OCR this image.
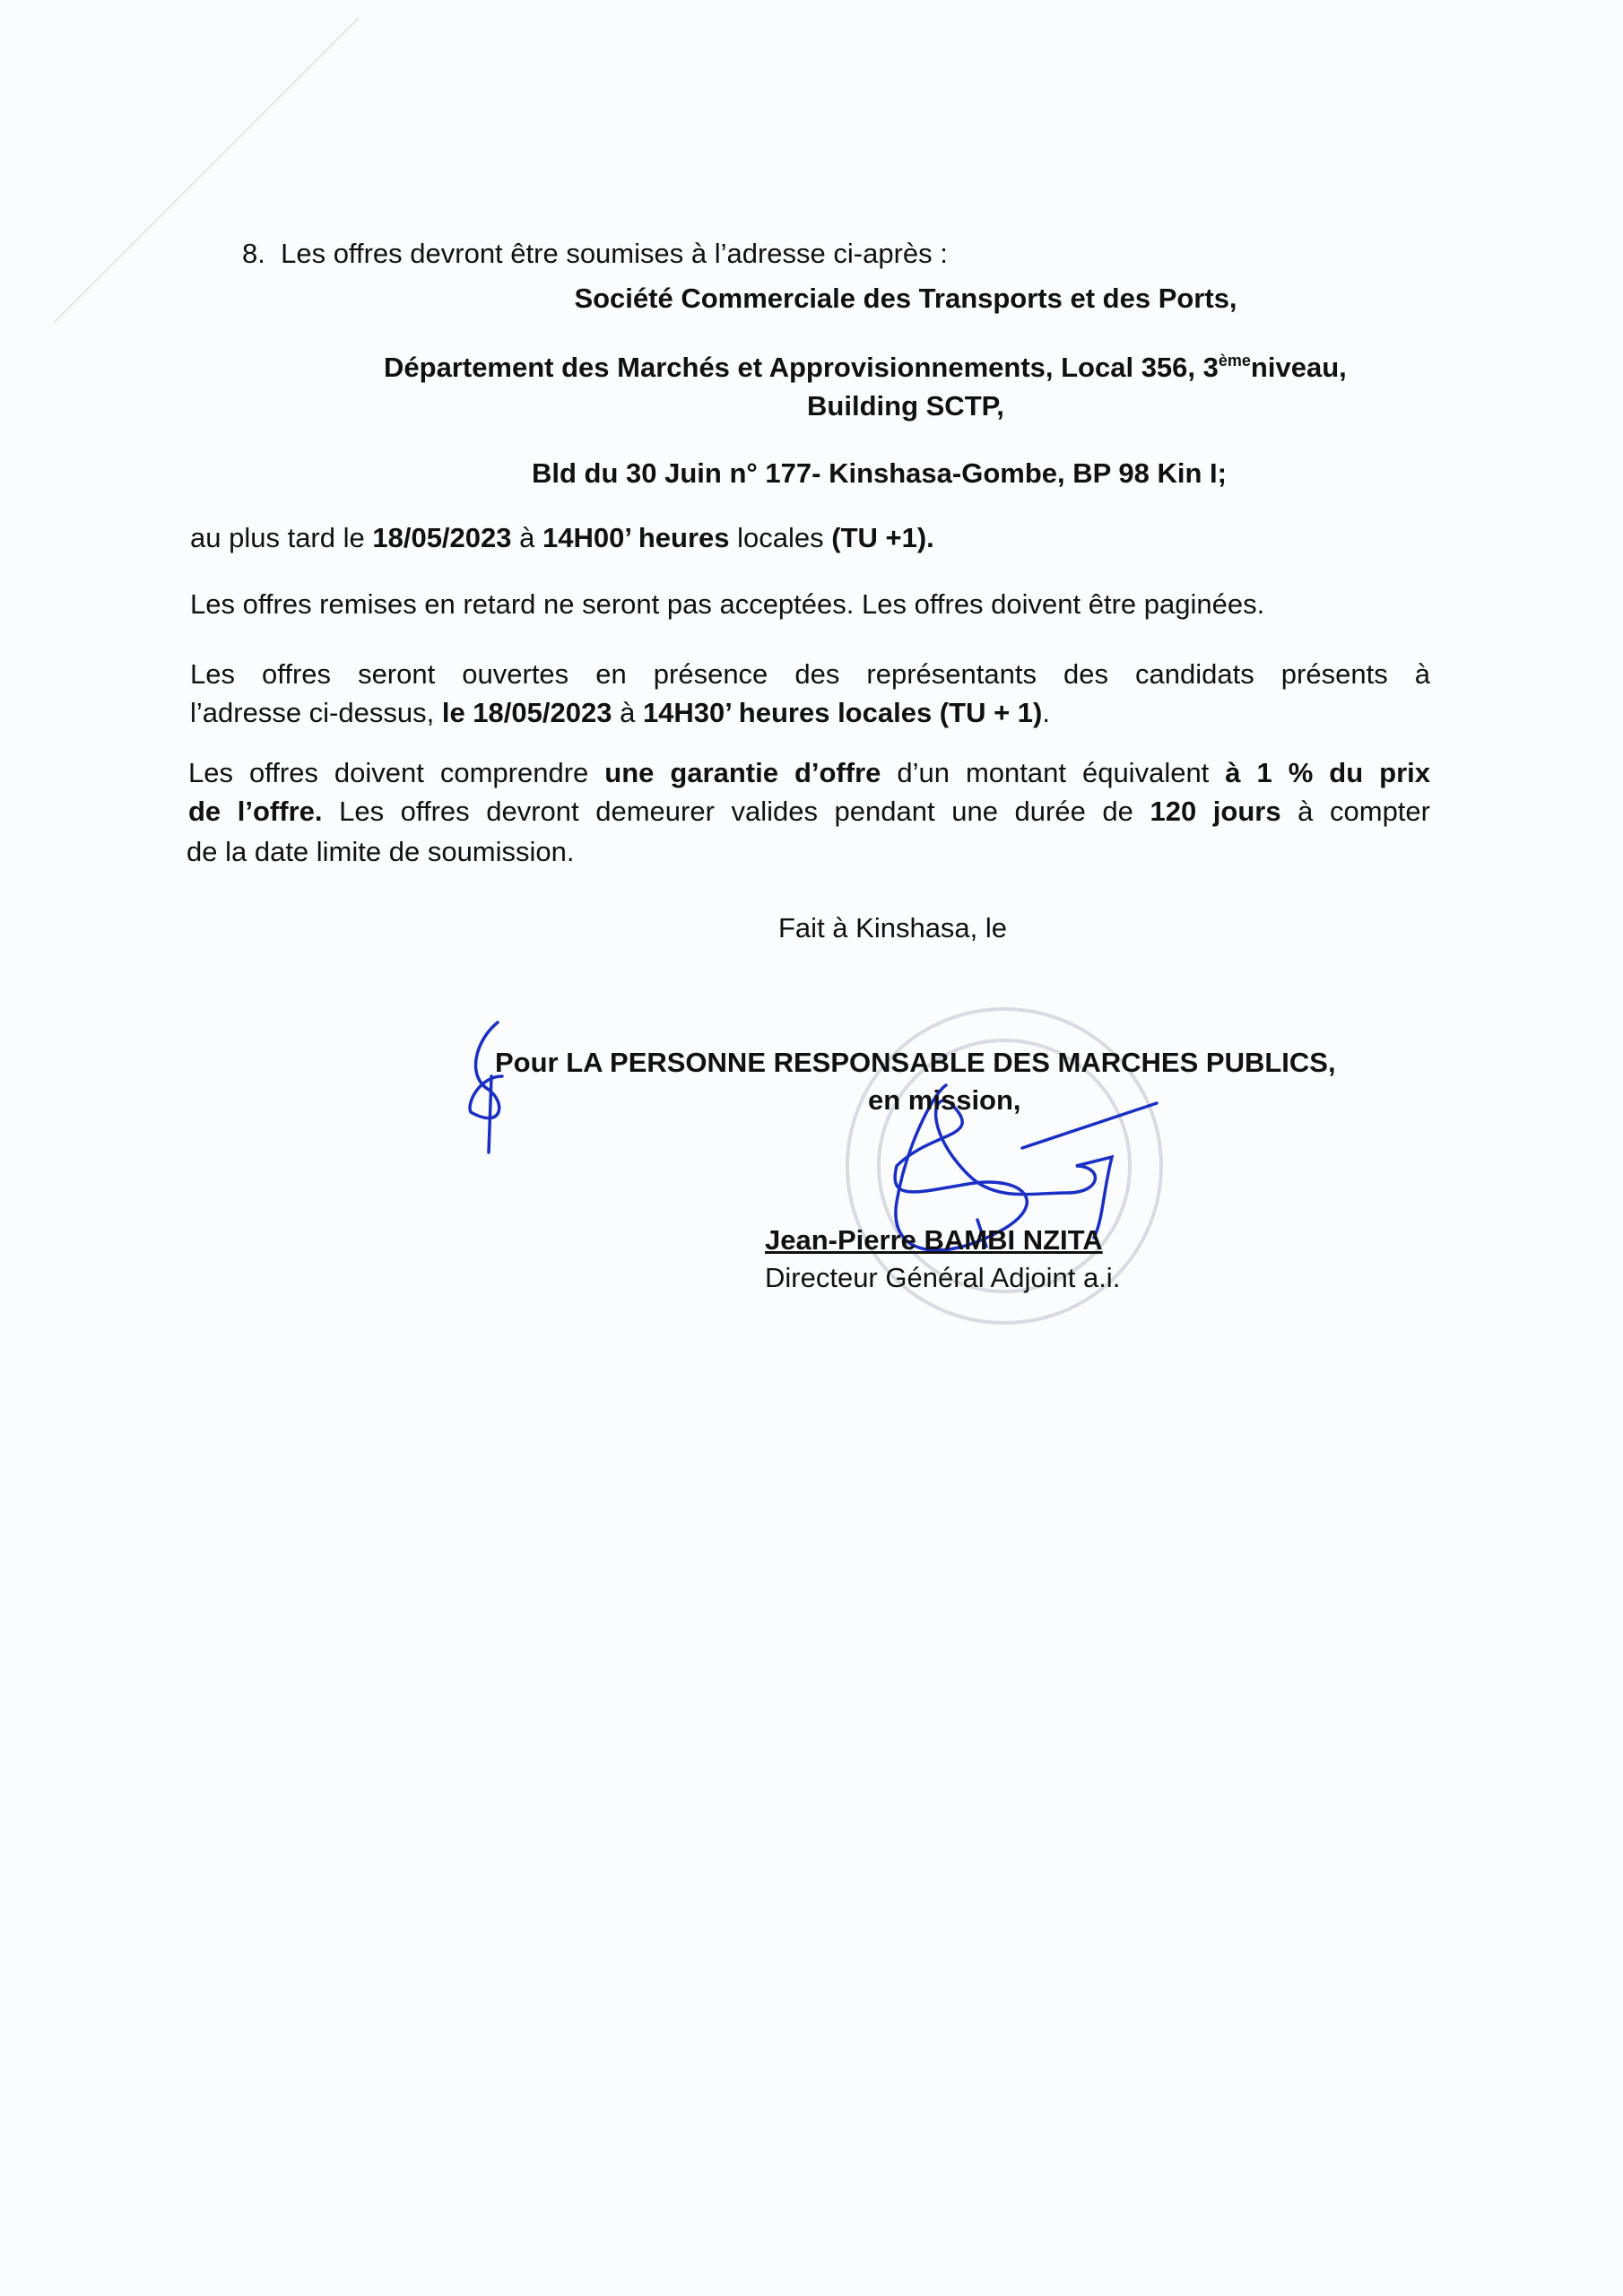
8. Les offres devront être soumises à l’adresse ci-après :
Société Commerciale des Transports et des Ports,
Département des Marchés et Approvisionnements, Local 356, 3èmeniveau,
Building SCTP,
Bld du 30 Juin n° 177- Kinshasa-Gombe, BP 98 Kin I;
au plus tard le 18/05/2023 à 14H00’ heures locales (TU +1).
Les offres remises en retard ne seront pas acceptées. Les offres doivent être paginées.
Les offres seront ouvertes en présence des représentants des candidats présents à
l’adresse ci-dessus, le 18/05/2023 à 14H30’ heures locales (TU + 1).
Les offres doivent comprendre une garantie d’offre d’un montant équivalent à 1 % du prix
de l’offre. Les offres devront demeurer valides pendant une durée de 120 jours à compter
de la date limite de soumission.
Fait à Kinshasa, le
Pour LA PERSONNE RESPONSABLE DES MARCHES PUBLICS,
en mission,
Jean-Pierre BAMBI NZITA
Directeur Général Adjoint a.i.
